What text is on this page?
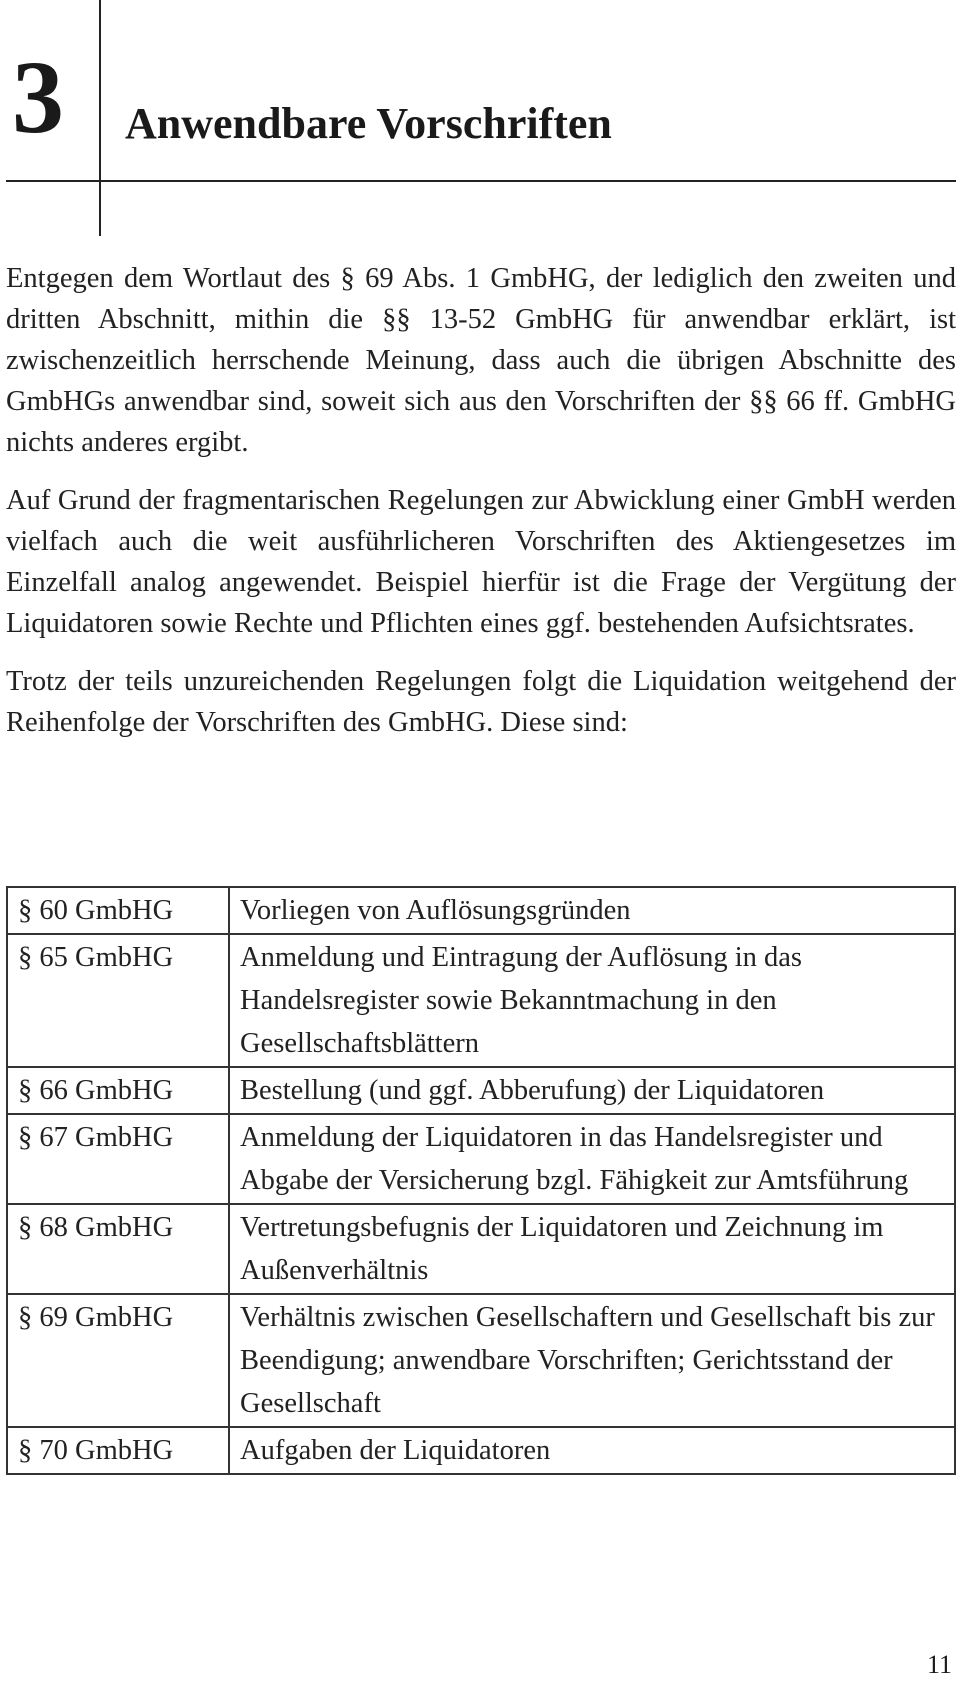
3 Anwendbare Vorschriften

Entgegen dem Wortlaut des § 69 Abs. 1 GmbHG, der lediglich den zweiten und dritten Abschnitt, mithin die §§ 13-52 GmbHG für anwendbar erklärt, ist zwischenzeitlich herrschende Meinung, dass auch die übrigen Abschnitte des GmbHGs anwendbar sind, soweit sich aus den Vorschriften der §§ 66 ff. GmbHG nichts anderes ergibt.

Auf Grund der fragmentarischen Regelungen zur Abwicklung einer GmbH werden vielfach auch die weit ausführlicheren Vorschriften des Aktiengesetzes im Einzelfall analog angewendet. Beispiel hierfür ist die Frage der Vergütung der Liquidatoren sowie Rechte und Pflichten eines ggf. bestehenden Aufsichtsrates.

Trotz der teils unzureichenden Regelungen folgt die Liquidation weitgehend der Reihenfolge der Vorschriften des GmbHG. Diese sind:

§ 60 GmbHG	Vorliegen von Auflösungsgründen
§ 65 GmbHG	Anmeldung und Eintragung der Auflösung in das Handelsregister sowie Bekanntmachung in den Gesellschaftsblättern
§ 66 GmbHG	Bestellung (und ggf. Abberufung) der Liquidatoren
§ 67 GmbHG	Anmeldung der Liquidatoren in das Handelsregister und Abgabe der Versicherung bzgl. Fähigkeit zur Amtsführung
§ 68 GmbHG	Vertretungsbefugnis der Liquidatoren und Zeichnung im Außenverhältnis
§ 69 GmbHG	Verhältnis zwischen Gesellschaftern und Gesellschaft bis zur Beendigung; anwendbare Vorschriften; Gerichtsstand der Gesellschaft
§ 70 GmbHG	Aufgaben der Liquidatoren
11
